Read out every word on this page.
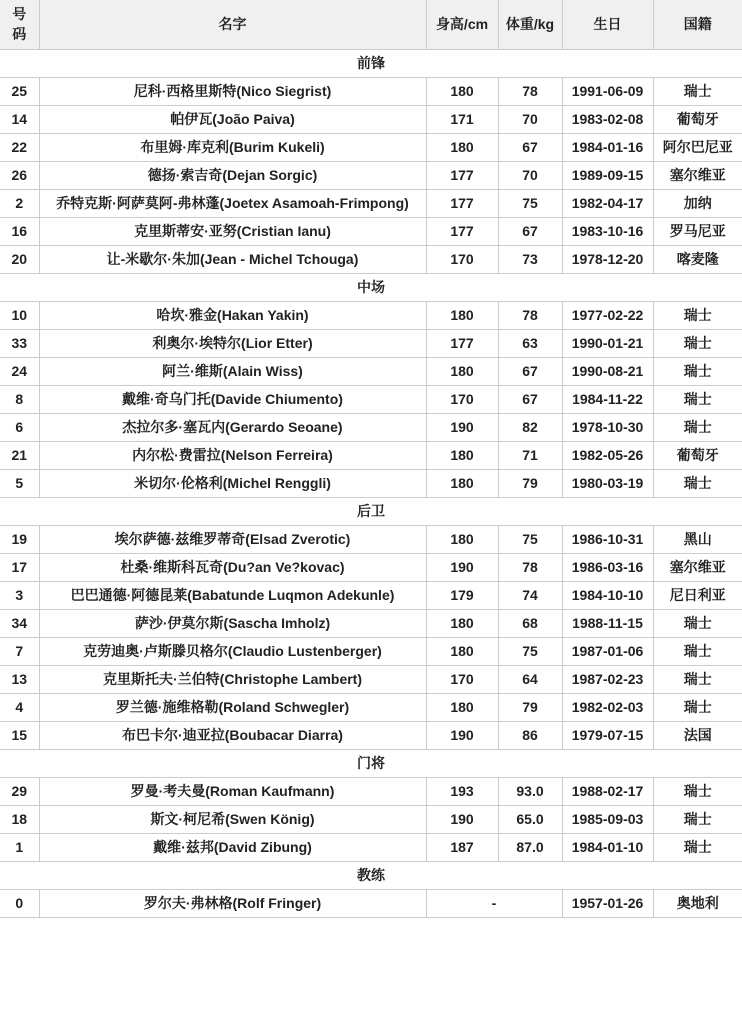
号码	名字	身高/cm	体重/kg	生日	国籍
前锋					
25	尼科·西格里斯特(Nico Siegrist)	180	78	1991-06-09	瑞士
14	帕伊瓦(João Paiva)	171	70	1983-02-08	葡萄牙
22	布里姆·库克利(Burim Kukeli)	180	67	1984-01-16	阿尔巴尼亚
26	德扬·索吉奇(Dejan Sorgic)	177	70	1989-09-15	塞尔维亚
2	乔特克斯·阿萨莫阿-弗林蓬(Joetex Asamoah-Frimpong)	177	75	1982-04-17	加纳
16	克里斯蒂安·亚努(Cristian Ianu)	177	67	1983-10-16	罗马尼亚
20	让-米歇尔·朱加(Jean - Michel Tchouga)	170	73	1978-12-20	喀麦隆
中场					
10	哈坎·雅金(Hakan Yakin)	180	78	1977-02-22	瑞士
33	利奥尔·埃特尔(Lior Etter)	177	63	1990-01-21	瑞士
24	阿兰·维斯(Alain Wiss)	180	67	1990-08-21	瑞士
8	戴维·奇乌门托(Davide Chiumento)	170	67	1984-11-22	瑞士
6	杰拉尔多·塞瓦内(Gerardo Seoane)	190	82	1978-10-30	瑞士
21	内尔松·费雷拉(Nelson Ferreira)	180	71	1982-05-26	葡萄牙
5	米切尔·伦格利(Michel Renggli)	180	79	1980-03-19	瑞士
后卫					
19	埃尔萨德·兹维罗蒂奇(Elsad Zverotic)	180	75	1986-10-31	黑山
17	杜桑·维斯科瓦奇(Du?an Ve?kovac)	190	78	1986-03-16	塞尔维亚
3	巴巴通德·阿德昆莱(Babatunde Luqmon Adekunle)	179	74	1984-10-10	尼日利亚
34	萨沙·伊莫尔斯(Sascha Imholz)	180	68	1988-11-15	瑞士
7	克劳迪奥·卢斯滕贝格尔(Claudio Lustenberger)	180	75	1987-01-06	瑞士
13	克里斯托夫·兰伯特(Christophe Lambert)	170	64	1987-02-23	瑞士
4	罗兰德·施维格勒(Roland Schwegler)	180	79	1982-02-03	瑞士
15	布巴卡尔·迪亚拉(Boubacar Diarra)	190	86	1979-07-15	法国
门将					
29	罗曼·考夫曼(Roman Kaufmann)	193	93.0	1988-02-17	瑞士
18	斯文·柯尼希(Swen König)	190	65.0	1985-09-03	瑞士
1	戴维·兹邦(David Zibung)	187	87.0	1984-01-10	瑞士
教练					
0	罗尔夫·弗林格(Rolf Fringer)	-		1957-01-26	奥地利
